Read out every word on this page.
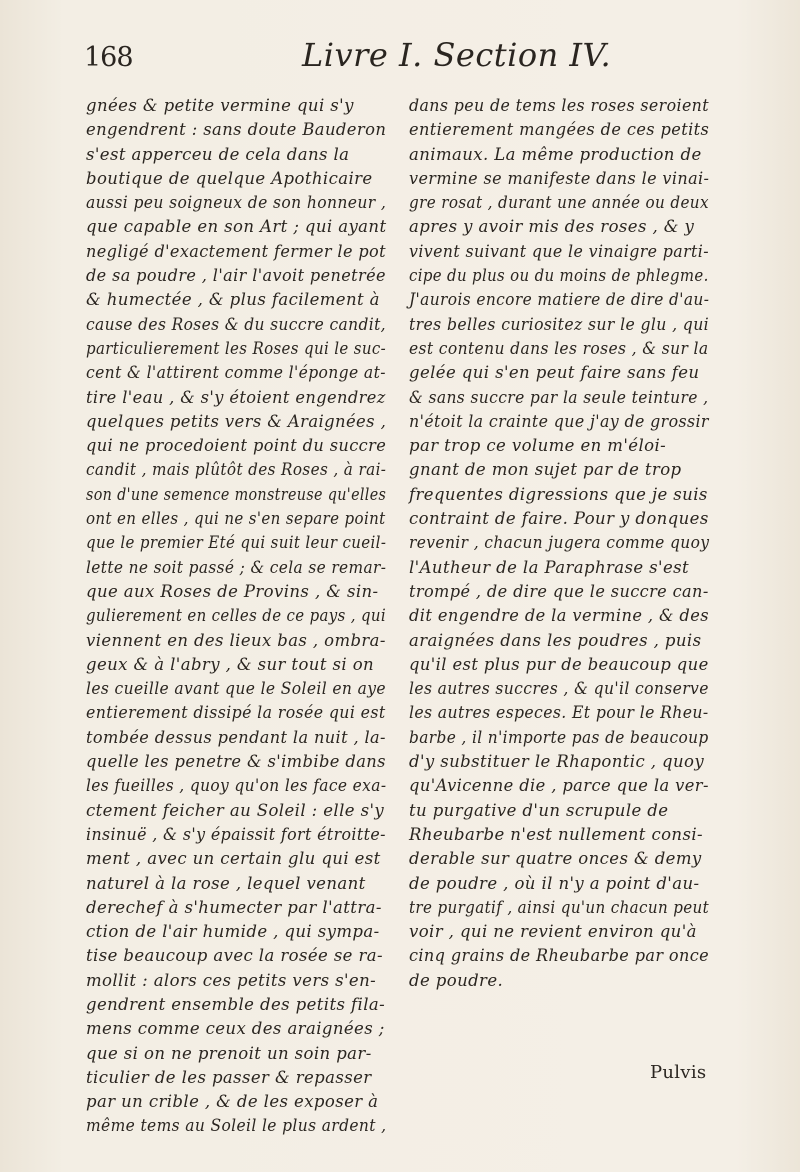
168	Livre I. Section IV.
gnées & petite vermine qui s'y
engendrent : sans doute Bauderon
s'est apperceu de cela dans la
boutique de quelque Apothicaire
aussi peu soigneux de son honneur ,
que capable en son Art ; qui ayant
negligé d'exactement fermer le pot
de sa poudre , l'air l'avoit penetrée
& humectée , & plus facilement à
cause des Roses & du succre candit,
particulierement les Roses qui le suc-
cent & l'attirent comme l'éponge at-
tire l'eau , & s'y étoient engendrez
quelques petits vers & Araignées ,
qui ne procedoient point du succre
candit , mais plûtôt des Roses , à rai-
son d'une semence monstreuse qu'elles
ont en elles , qui ne s'en separe point
que le premier Eté qui suit leur cueil-
lette ne soit passé ; & cela se remar-
que aux Roses de Provins , & sin-
gulierement en celles de ce pays , qui
viennent en des lieux bas , ombra-
geux & à l'abry , & sur tout si on
les cueille avant que le Soleil en aye
entierement dissipé la rosée qui est
tombée dessus pendant la nuit , la-
quelle les penetre & s'imbibe dans
les fueilles , quoy qu'on les face exa-
ctement feicher au Soleil : elle s'y
insinuë , & s'y épaissit fort étroitte-
ment , avec un certain glu qui est
naturel à la rose , lequel venant
derechef à s'humecter par l'attra-
ction de l'air humide , qui sympa-
tise beaucoup avec la rosée se ra-
mollit : alors ces petits vers s'en-
gendrent ensemble des petits fila-
mens comme ceux des araignées ;
que si on ne prenoit un soin par-
ticulier de les passer & repasser
par un crible , & de les exposer à
même tems au Soleil le plus ardent ,
dans peu de tems les roses seroient
entierement mangées de ces petits
animaux. La même production de
vermine se manifeste dans le vinai-
gre rosat , durant une année ou deux
apres y avoir mis des roses , & y
vivent suivant que le vinaigre parti-
cipe du plus ou du moins de phlegme.
J'aurois encore matiere de dire d'au-
tres belles curiositez sur le glu , qui
est contenu dans les roses , & sur la
gelée qui s'en peut faire sans feu
& sans succre par la seule teinture ,
n'étoit la crainte que j'ay de grossir
par trop ce volume en m'éloi-
gnant de mon sujet par de trop
frequentes digressions que je suis
contraint de faire. Pour y donques
revenir , chacun jugera comme quoy
l'Autheur de la Paraphrase s'est
trompé , de dire que le succre can-
dit engendre de la vermine , & des
araignées dans les poudres , puis
qu'il est plus pur de beaucoup que
les autres succres , & qu'il conserve
les autres especes. Et pour le Rheu-
barbe , il n'importe pas de beaucoup
d'y substituer le Rhapontic , quoy
qu'Avicenne die , parce que la ver-
tu purgative d'un scrupule de
Rheubarbe n'est nullement consi-
derable sur quatre onces & demy
de poudre , où il n'y a point d'au-
tre purgatif , ainsi qu'un chacun peut
voir , qui ne revient environ qu'à
cinq grains de Rheubarbe par once
de poudre.
Pulvis
